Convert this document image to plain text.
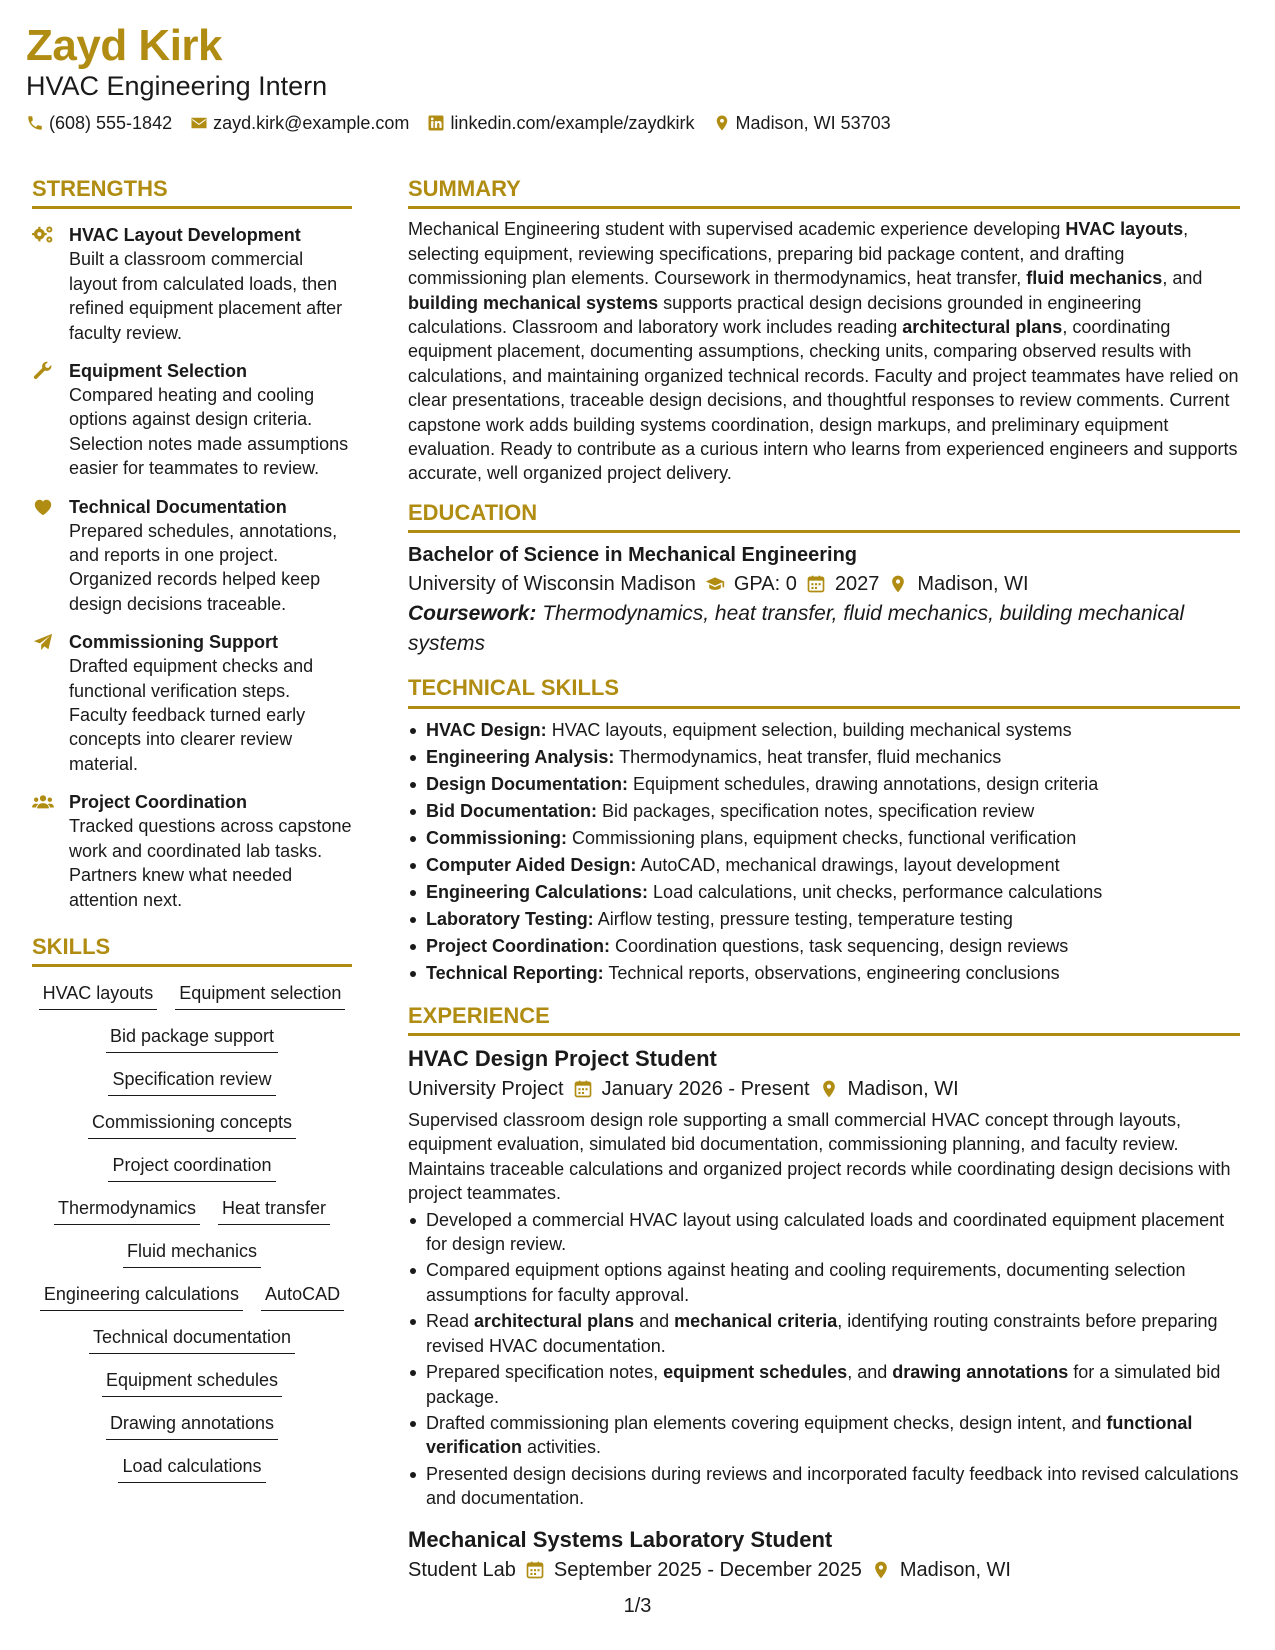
Zayd Kirk
HVAC Engineering Intern
(608) 555-1842 zayd.kirk@example.com linkedin.com/example/zaydkirk Madison, WI 53703
STRENGTHS
HVAC Layout Development
Built a classroom commercial layout from calculated loads, then refined equipment placement after faculty review.
Equipment Selection
Compared heating and cooling options against design criteria. Selection notes made assumptions easier for teammates to review.
Technical Documentation
Prepared schedules, annotations, and reports in one project. Organized records helped keep design decisions traceable.
Commissioning Support
Drafted equipment checks and functional verification steps. Faculty feedback turned early concepts into clearer review material.
Project Coordination
Tracked questions across capstone work and coordinated lab tasks. Partners knew what needed attention next.
SKILLS
HVAC layouts Equipment selection
Bid package support
Specification review
Commissioning concepts
Project coordination
Thermodynamics Heat transfer
Fluid mechanics
Engineering calculations AutoCAD
Technical documentation
Equipment schedules
Drawing annotations
Load calculations
SUMMARY

Mechanical Engineering student with supervised academic experience developing HVAC layouts, selecting equipment, reviewing specifications, preparing bid package content, and drafting commissioning plan elements. Coursework in thermodynamics, heat transfer, fluid mechanics, and building mechanical systems supports practical design decisions grounded in engineering calculations. Classroom and laboratory work includes reading architectural plans, coordinating equipment placement, documenting assumptions, checking units, comparing observed results with calculations, and maintaining organized technical records. Faculty and project teammates have relied on clear presentations, traceable design decisions, and thoughtful responses to review comments. Current capstone work adds building systems coordination, design markups, and preliminary equipment evaluation. Ready to contribute as a curious intern who learns from experienced engineers and supports accurate, well organized project delivery.

EDUCATION
Bachelor of Science in Mechanical Engineering
University of Wisconsin Madison GPA: 0 2027 Madison, WI
Coursework: Thermodynamics, heat transfer, fluid mechanics, building mechanical systems
TECHNICAL SKILLS
HVAC Design: HVAC layouts, equipment selection, building mechanical systems
Engineering Analysis: Thermodynamics, heat transfer, fluid mechanics
Design Documentation: Equipment schedules, drawing annotations, design criteria
Bid Documentation: Bid packages, specification notes, specification review
Commissioning: Commissioning plans, equipment checks, functional verification
Computer Aided Design: AutoCAD, mechanical drawings, layout development
Engineering Calculations: Load calculations, unit checks, performance calculations
Laboratory Testing: Airflow testing, pressure testing, temperature testing
Project Coordination: Coordination questions, task sequencing, design reviews
Technical Reporting: Technical reports, observations, engineering conclusions
EXPERIENCE
HVAC Design Project Student
University Project January 2026 - Present Madison, WI
Supervised classroom design role supporting a small commercial HVAC concept through layouts, equipment evaluation, simulated bid documentation, commissioning planning, and faculty review. Maintains traceable calculations and organized project records while coordinating design decisions with project teammates.
Developed a commercial HVAC layout using calculated loads and coordinated equipment placement for design review.
Compared equipment options against heating and cooling requirements, documenting selection assumptions for faculty approval.
Read architectural plans and mechanical criteria, identifying routing constraints before preparing revised HVAC documentation.
Prepared specification notes, equipment schedules, and drawing annotations for a simulated bid package.
Drafted commissioning plan elements covering equipment checks, design intent, and functional verification activities.
Presented design decisions during reviews and incorporated faculty feedback into revised calculations and documentation.
Mechanical Systems Laboratory Student
Student Lab September 2025 - December 2025 Madison, WI
1/3
